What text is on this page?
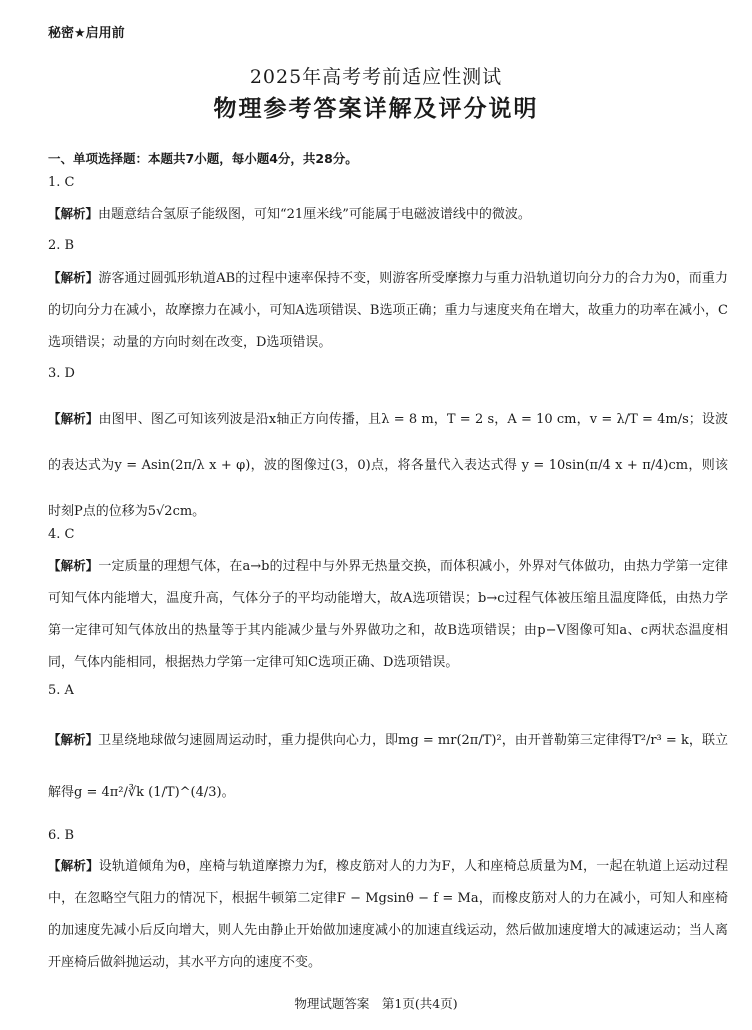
秘密★启用前
2025年高考考前适应性测试
物理参考答案详解及评分说明
一、单项选择题：本题共7小题，每小题4分，共28分。
1. C
【解析】由题意结合氢原子能级图，可知“21厘米线”可能属于电磁波谱线中的微波。
2. B
【解析】游客通过圆弧形轨道AB的过程中速率保持不变，则游客所受摩擦力与重力沿轨道切向分力的合力为0，而重力的切向分力在减小，故摩擦力在减小，可知A选项错误、B选项正确；重力与速度夹角在增大，故重力的功率在减小，C选项错误；动量的方向时刻在改变，D选项错误。
3. D
【解析】由图甲、图乙可知该列波是沿x轴正方向传播，且λ = 8 m，T = 2 s，A = 10 cm，v = λ/T = 4m/s；设波的表达式为y = Asin(2π/λ x + φ)，波的图像过(3，0)点，将各量代入表达式得 y = 10sin(π/4 x + π/4)cm，则该时刻P点的位移为5√2cm。
4. C
【解析】一定质量的理想气体，在a→b的过程中与外界无热量交换，而体积减小，外界对气体做功，由热力学第一定律可知气体内能增大，温度升高，气体分子的平均动能增大，故A选项错误；b→c过程气体被压缩且温度降低，由热力学第一定律可知气体放出的热量等于其内能减少量与外界做功之和，故B选项错误；由p−V图像可知a、c两状态温度相同，气体内能相同，根据热力学第一定律可知C选项正确、D选项错误。
5. A
【解析】卫星绕地球做匀速圆周运动时，重力提供向心力，即mg = mr(2π/T)²，由开普勒第三定律得T²/r³ = k，联立解得g = 4π²/∛k (1/T)^(4/3)。
6. B
【解析】设轨道倾角为θ，座椅与轨道摩擦力为f，橡皮筋对人的力为F，人和座椅总质量为M，一起在轨道上运动过程中，在忽略空气阻力的情况下，根据牛顿第二定律F − Mgsinθ − f = Ma，而橡皮筋对人的力在减小，可知人和座椅的加速度先减小后反向增大，则人先由静止开始做加速度减小的加速直线运动，然后做加速度增大的减速运动；当人离开座椅后做斜抛运动，其水平方向的速度不变。
物理试题答案　第1页(共4页)
